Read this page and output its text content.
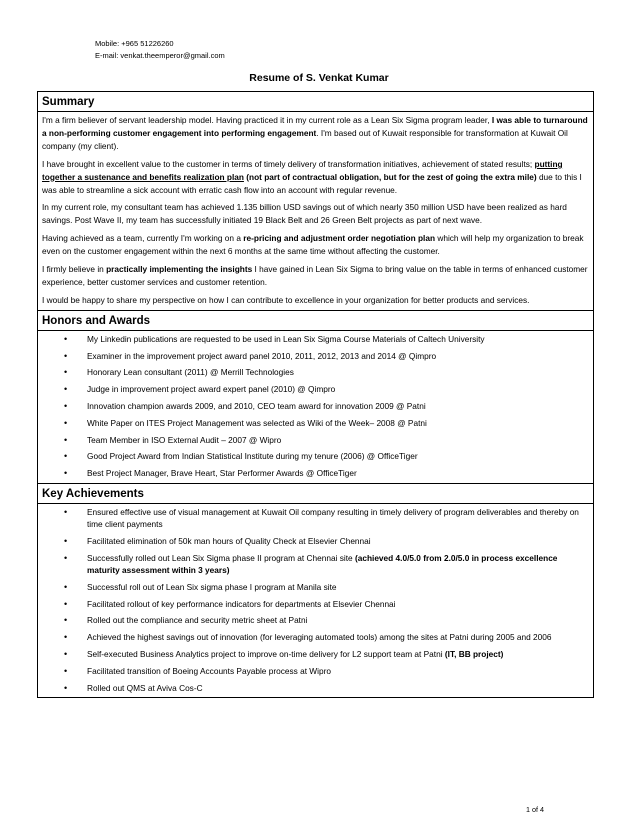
Mobile: +965 51226260
E-mail: venkat.theemperor@gmail.com
Resume of S. Venkat Kumar
Summary

I'm a firm believer of servant leadership model. Having practiced it in my current role as a Lean Six Sigma program leader, I was able to turnaround a non-performing customer engagement into performing engagement. I'm based out of Kuwait responsible for transformation at Kuwait Oil company (my client).

I have brought in excellent value to the customer in terms of timely delivery of transformation initiatives, achievement of stated results; putting together a sustenance and benefits realization plan (not part of contractual obligation, but for the zest of going the extra mile) due to this I was able to streamline a sick account with erratic cash flow into an account with regular revenue.

In my current role, my consultant team has achieved 1.135 billion USD savings out of which nearly 350 million USD have been realized as hard savings. Post Wave II, my team has successfully initiated 19 Black Belt and 26 Green Belt projects as part of next wave.

Having achieved as a team, currently I'm working on a re-pricing and adjustment order negotiation plan which will help my organization to break even on the customer engagement within the next 6 months at the same time without affecting the customer.

I firmly believe in practically implementing the insights I have gained in Lean Six Sigma to bring value on the table in terms of enhanced customer experience, better customer services and customer retention.

I would be happy to share my perspective on how I can contribute to excellence in your organization for better products and services.

Honors and Awards
• My Linkedin publications are requested to be used in Lean Six Sigma Course Materials of Caltech University
• Examiner in the improvement project award panel 2010, 2011, 2012, 2013 and 2014 @ Qimpro
• Honorary Lean consultant (2011) @ Merrill Technologies
• Judge in improvement project award expert panel (2010) @ Qimpro
• Innovation champion awards 2009, and 2010, CEO team award for innovation 2009 @ Patni
• White Paper on ITES Project Management was selected as Wiki of the Week– 2008 @ Patni
• Team Member in ISO External Audit – 2007 @ Wipro
• Good Project Award from Indian Statistical Institute during my tenure (2006) @ OfficeTiger
• Best Project Manager, Brave Heart, Star Performer Awards @ OfficeTiger
Key Achievements
• Ensured effective use of visual management at Kuwait Oil company resulting in timely delivery of program deliverables and thereby on time client payments
• Facilitated elimination of 50k man hours of Quality Check at Elsevier Chennai
• Successfully rolled out Lean Six Sigma phase II program at Chennai site (achieved 4.0/5.0 from 2.0/5.0 in process excellence maturity assessment within 3 years)
• Successful roll out of Lean Six sigma phase I program at Manila site
• Facilitated rollout of key performance indicators for departments at Elsevier Chennai
• Rolled out the compliance and security metric sheet at Patni
• Achieved the highest savings out of innovation (for leveraging automated tools) among the sites at Patni during 2005 and 2006
• Self-executed Business Analytics project to improve on-time delivery for L2 support team at Patni (IT, BB project)
• Facilitated transition of Boeing Accounts Payable process at Wipro
• Rolled out QMS at Aviva Cos-C
1 of 4
